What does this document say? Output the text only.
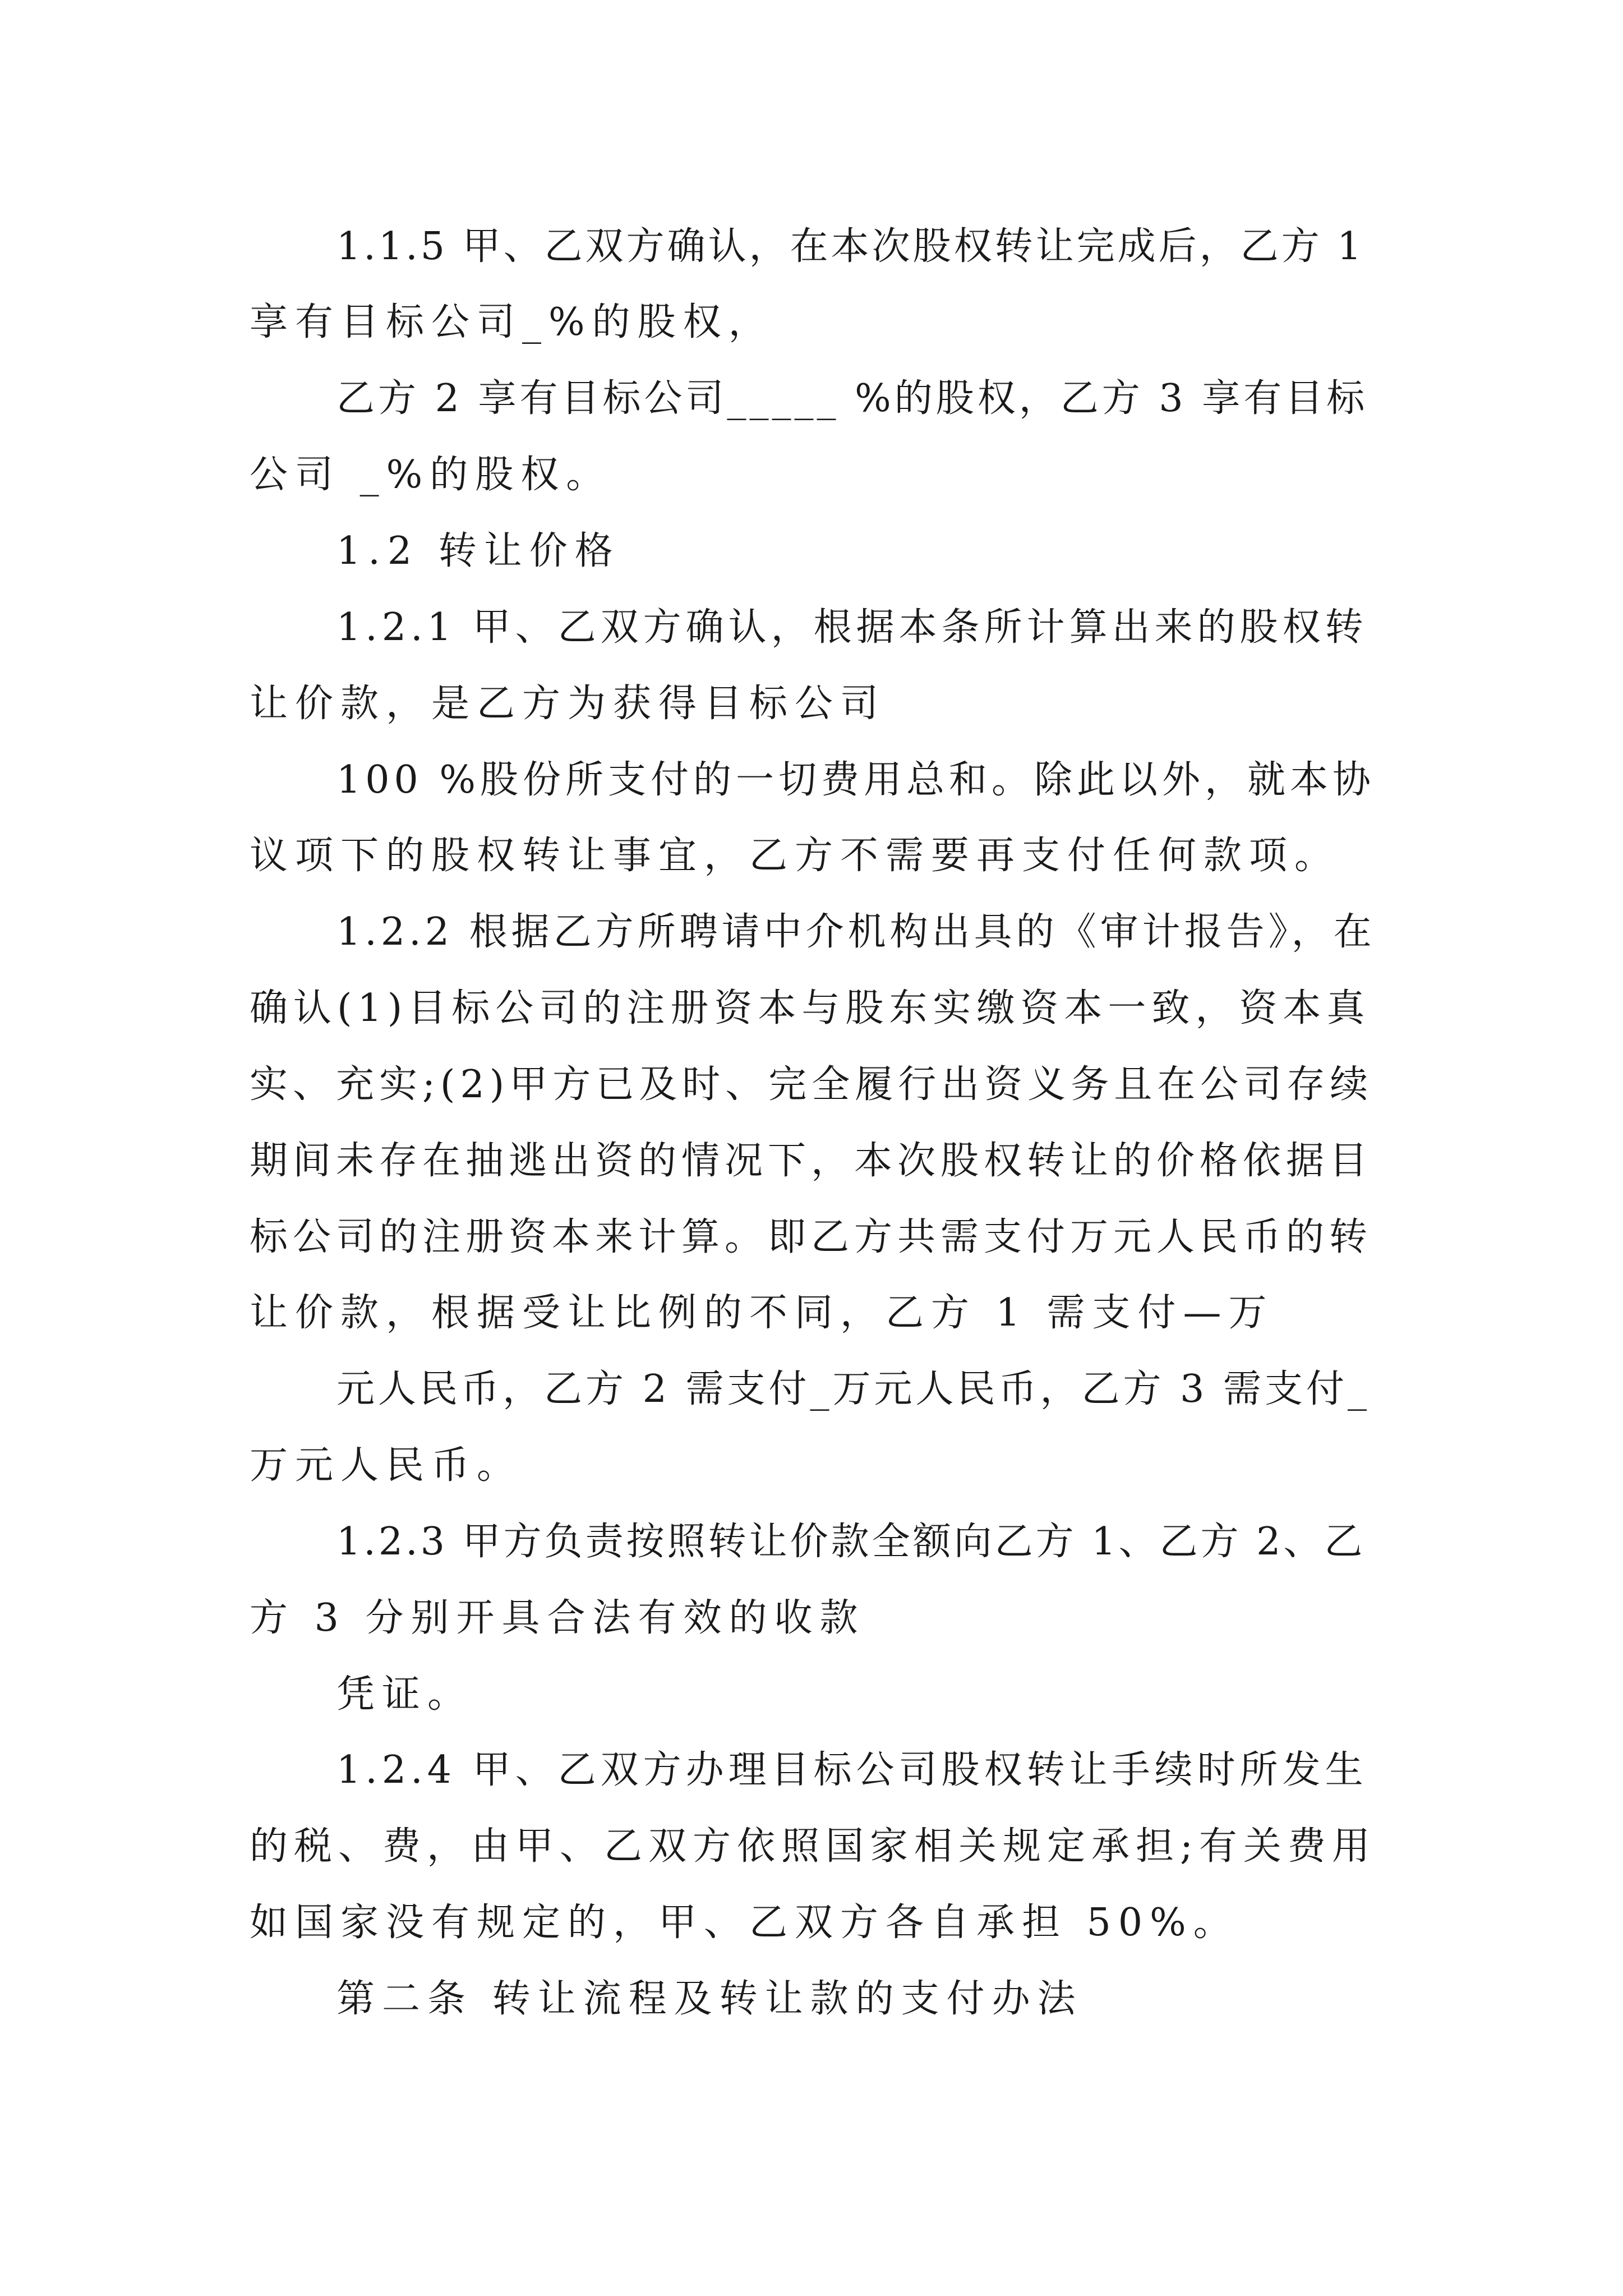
1.1.5 甲、乙双方确认，在本次股权转让完成后，乙方 1
享有目标公司_%的股权，
乙方 2 享有目标公司_____ %的股权，乙方 3 享有目标
公司 _%的股权。
1.2 转让价格
1.2.1 甲、乙双方确认，根据本条所计算出来的股权转
让价款，是乙方为获得目标公司
100 %股份所支付的一切费用总和。除此以外，就本协
议项下的股权转让事宜，乙方不需要再支付任何款项。
1.2.2 根据乙方所聘请中介机构出具的《审计报告》，在
确认(1)目标公司的注册资本与股东实缴资本一致，资本真
实、充实;(2)甲方已及时、完全履行出资义务且在公司存续
期间未存在抽逃出资的情况下，本次股权转让的价格依据目
标公司的注册资本来计算。即乙方共需支付万元人民币的转
让价款，根据受让比例的不同，乙方 1 需支付—万
元人民币，乙方 2 需支付_万元人民币，乙方 3 需支付_
万元人民币。
1.2.3 甲方负责按照转让价款全额向乙方 1、乙方 2、乙
方 3 分别开具合法有效的收款
凭证。
1.2.4 甲、乙双方办理目标公司股权转让手续时所发生
的税、费，由甲、乙双方依照国家相关规定承担;有关费用
如国家没有规定的，甲、乙双方各自承担 50%。
第二条 转让流程及转让款的支付办法
